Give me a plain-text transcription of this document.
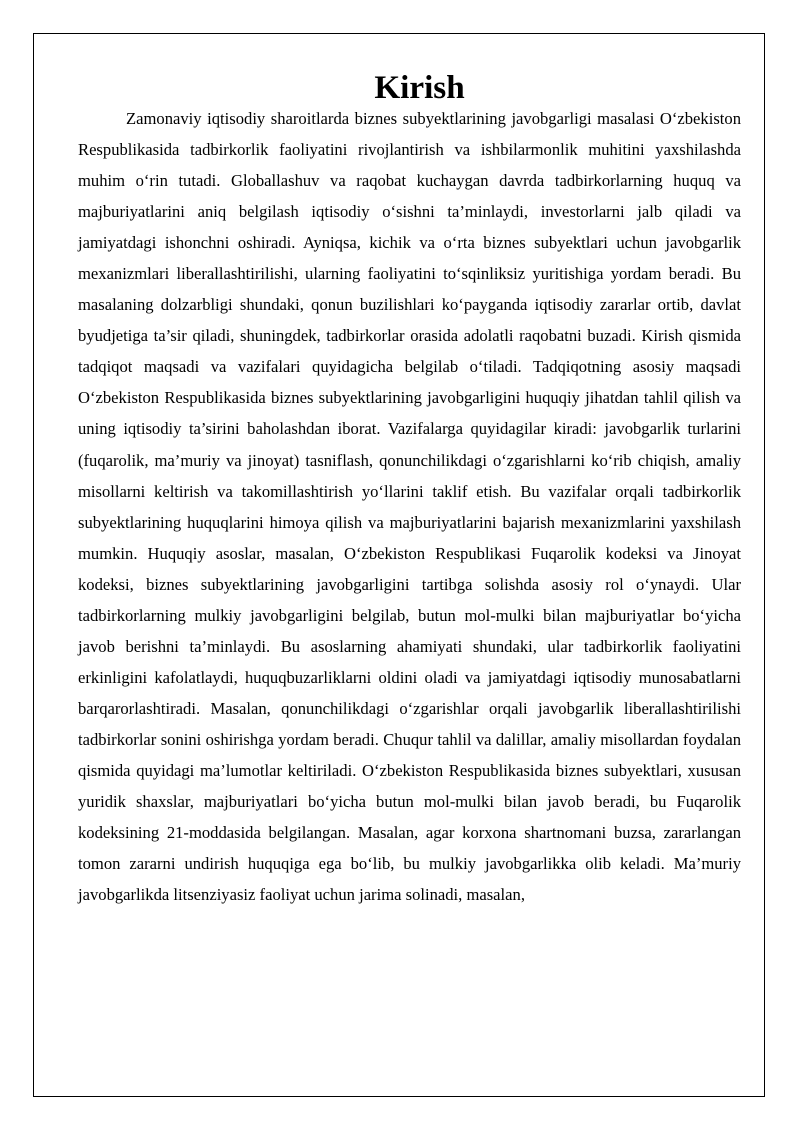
Kirish

Zamonaviy iqtisodiy sharoitlarda biznes subyektlarining javobgarligi masalasi O‘zbekiston Respublikasida tadbirkorlik faoliyatini rivojlantirish va ishbilarmonlik muhitini yaxshilashda muhim o‘rin tutadi. Globallashuv va raqobat kuchaygan davrda tadbirkorlarning huquq va majburiyatlarini aniq belgilash iqtisodiy o‘sishni ta’minlaydi, investorlarni jalb qiladi va jamiyatdagi ishonchni oshiradi. Ayniqsa, kichik va o‘rta biznes subyektlari uchun javobgarlik mexanizmlari liberallashtirilishi, ularning faoliyatini to‘sqinliksiz yuritishiga yordam beradi. Bu masalaning dolzarbligi shundaki, qonun buzilishlari ko‘payganda iqtisodiy zararlar ortib, davlat byudjetiga ta’sir qiladi, shuningdek, tadbirkorlar orasida adolatli raqobatni buzadi. Kirish qismida tadqiqot maqsadi va vazifalari quyidagicha belgilab o‘tiladi. Tadqiqotning asosiy maqsadi O‘zbekiston Respublikasida biznes subyektlarining javobgarligini huquqiy jihatdan tahlil qilish va uning iqtisodiy ta’sirini baholashdan iborat. Vazifalarga quyidagilar kiradi: javobgarlik turlarini (fuqarolik, ma’muriy va jinoyat) tasniflash, qonunchilikdagi o‘zgarishlarni ko‘rib chiqish, amaliy misollarni keltirish va takomillashtirish yo‘llarini taklif etish. Bu vazifalar orqali tadbirkorlik subyektlarining huquqlarini himoya qilish va majburiyatlarini bajarish mexanizmlarini yaxshilash mumkin. Huquqiy asoslar, masalan, O‘zbekiston Respublikasi Fuqarolik kodeksi va Jinoyat kodeksi, biznes subyektlarining javobgarligini tartibga solishda asosiy rol o‘ynaydi. Ular tadbirkorlarning mulkiy javobgarligini belgilab, butun mol-mulki bilan majburiyatlar bo‘yicha javob berishni ta’minlaydi. Bu asoslarning ahamiyati shundaki, ular tadbirkorlik faoliyatini erkinligini kafolatlaydi, huquqbuzarliklarni oldini oladi va jamiyatdagi iqtisodiy munosabatlarni barqarorlashtiradi. Masalan, qonunchilikdagi o‘zgarishlar orqali javobgarlik liberallashtirilishi tadbirkorlar sonini oshirishga yordam beradi. Chuqur tahlil va dalillar, amaliy misollardan foydalan qismida quyidagi ma’lumotlar keltiriladi. O‘zbekiston Respublikasida biznes subyektlari, xususan yuridik shaxslar, majburiyatlari bo‘yicha butun mol-mulki bilan javob beradi, bu Fuqarolik kodeksining 21-moddasida belgilangan. Masalan, agar korxona shartnomani buzsa, zararlangan tomon zararni undirish huquqiga ega bo‘lib, bu mulkiy javobgarlikka olib keladi. Ma’muriy javobgarlikda litsenziyasiz faoliyat uchun jarima solinadi, masalan,
